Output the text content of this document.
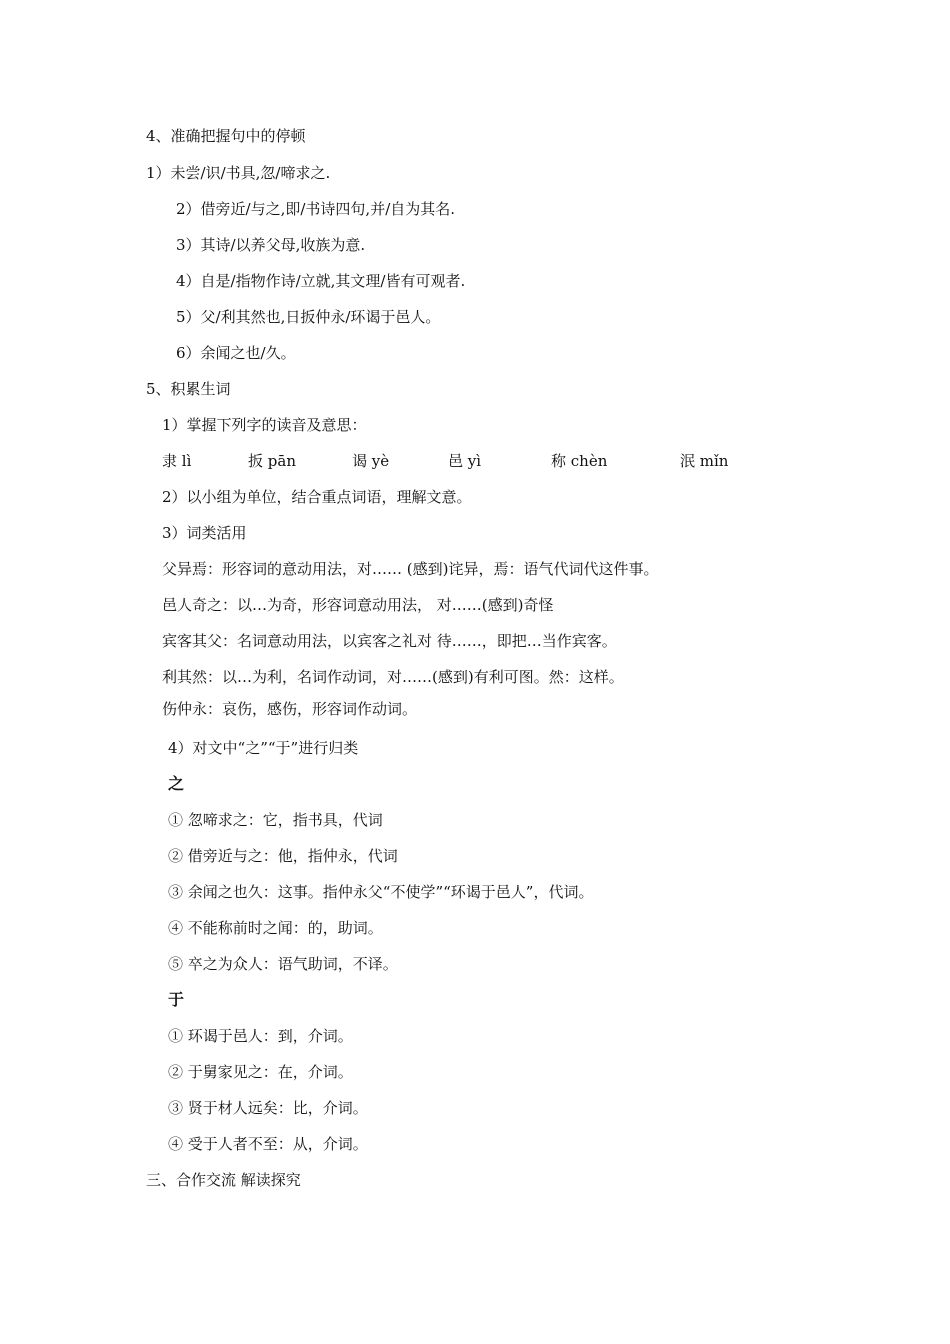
4、准确把握句中的停顿
1）未尝/识/书具,忽/啼求之.
2）借旁近/与之,即/书诗四句,并/自为其名.
3）其诗/以养父母,收族为意.
4）自是/指物作诗/立就,其文理/皆有可观者.
5）父/利其然也,日扳仲永/环谒于邑人。
6）余闻之也/久。
5、积累生词
1）掌握下列字的读音及意思：
隶 lì	扳 pān	谒 yè	邑 yì	称 chèn	泯 mǐn
2）以小组为单位，结合重点词语，理解文意。
3）词类活用
父异焉：形容词的意动用法，对…… (感到)诧异，焉：语气代词代这件事。
邑人奇之：以…为奇，形容词意动用法， 对……(感到)奇怪
宾客其父：名词意动用法，以宾客之礼对 待……，即把…当作宾客。
利其然：以…为利，名词作动词，对……(感到)有利可图。然：这样。
伤仲永：哀伤，感伤，形容词作动词。
4）对文中“之”“于”进行归类
之
① 忽啼求之：它，指书具，代词
② 借旁近与之：他，指仲永，代词
③ 余闻之也久：这事。指仲永父“不使学”“环谒于邑人”，代词。
④ 不能称前时之闻：的，助词。
⑤ 卒之为众人：语气助词，不译。
于
① 环谒于邑人：到，介词。
② 于舅家见之：在，介词。
③ 贤于材人远矣：比，介词。
④ 受于人者不至：从，介词。
三、合作交流 解读探究
